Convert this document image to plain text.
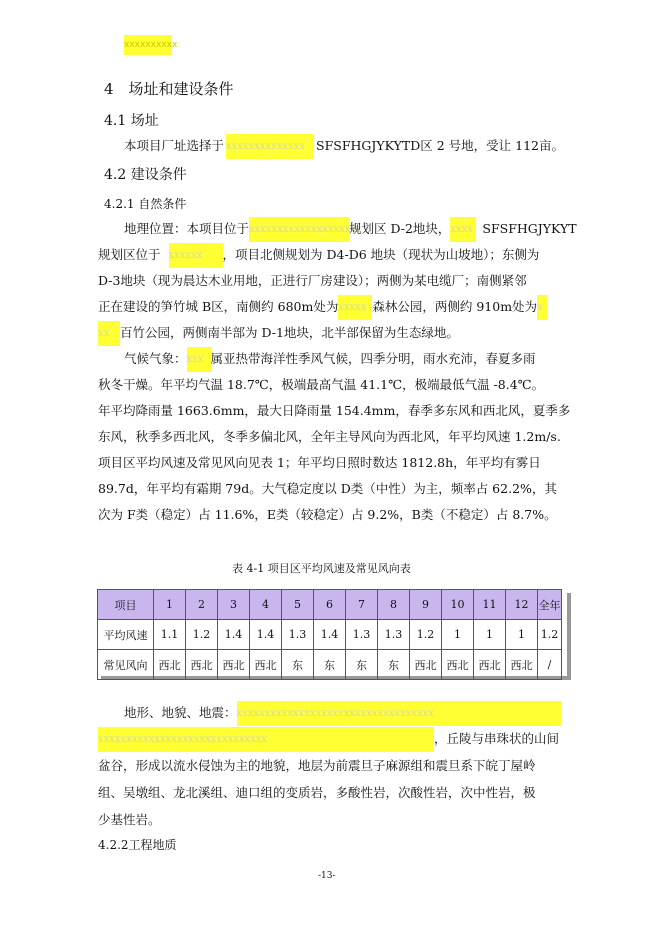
xxxxxxxxxx
4　场址和建设条件
4.1 场址
本项目厂址选择于 xxxxxxxxxxxxxx SFSFHGJYKYTD区 2 号地，受让 112亩。
4.2 建设条件
4.2.1 自然条件
地理位置：本项目位于xxxxxxxxxxxxxxxxxxxx规划区 D-2地块，xxxx SFSFHGJYKYT
规划区位于 xxxxxx ，项目北侧规划为 D4-D6 地块（现状为山坡地）；东侧为
D-3地块（现为晨达木业用地，正进行厂房建设）；两侧为某电缆厂；南侧紧邻
正在建设的笋竹城 B区，南侧约 680m处为xxxxx 森林公园，两侧约 910m处为x
xx 百竹公园，两侧南半部为 D-1地块，北半部保留为生态绿地。
气候气象：xxx 属亚热带海洋性季风气候，四季分明，雨水充沛，春夏多雨
秋冬干燥。年平均气温 18.7℃，极端最高气温 41.1℃，极端最低气温 -8.4℃。
年平均降雨量 1663.6mm，最大日降雨量 154.4mm，春季多东风和西北风，夏季多
东风，秋季多西北风，冬季多偏北风，全年主导风向为西北风，年平均风速 1.2m/s.
项目区平均风速及常见风向见表 1；年平均日照时数达 1812.8h，年平均有雾日
89.7d，年平均有霜期 79d。大气稳定度以 D类（中性）为主，频率占 62.2%，其
次为 F类（稳定）占 11.6%，E类（较稳定）占 9.2%，B类（不稳定）占 8.7%。
表 4-1 项目区平均风速及常见风向表
项目	1	2	3	4	5	6	7	8	9	10	11	12	全年
平均风速	1.1	1.2	1.4	1.4	1.3	1.4	1.3	1.3	1.2	1	1	1	1.2
常见风向	西北	西北	西北	西北	东	东	东	东	西北	西北	西北	西北	/
地形、地貌、地震：xxxxxxxxxxxxxxxxxxxxxxxxxxxxxxxxxxx
xxxxxxxxxxxxxxxxxxxxxxxxxxxxxx	，丘陵与串珠状的山间
盆谷，形成以流水侵蚀为主的地貌，地层为前震旦子麻源组和震旦系下皖丁屋岭
组、吴墩组、龙北溪组、迪口组的变质岩，多酸性岩，次酸性岩，次中性岩，极
少基性岩。
4.2.2工程地质
-13-
